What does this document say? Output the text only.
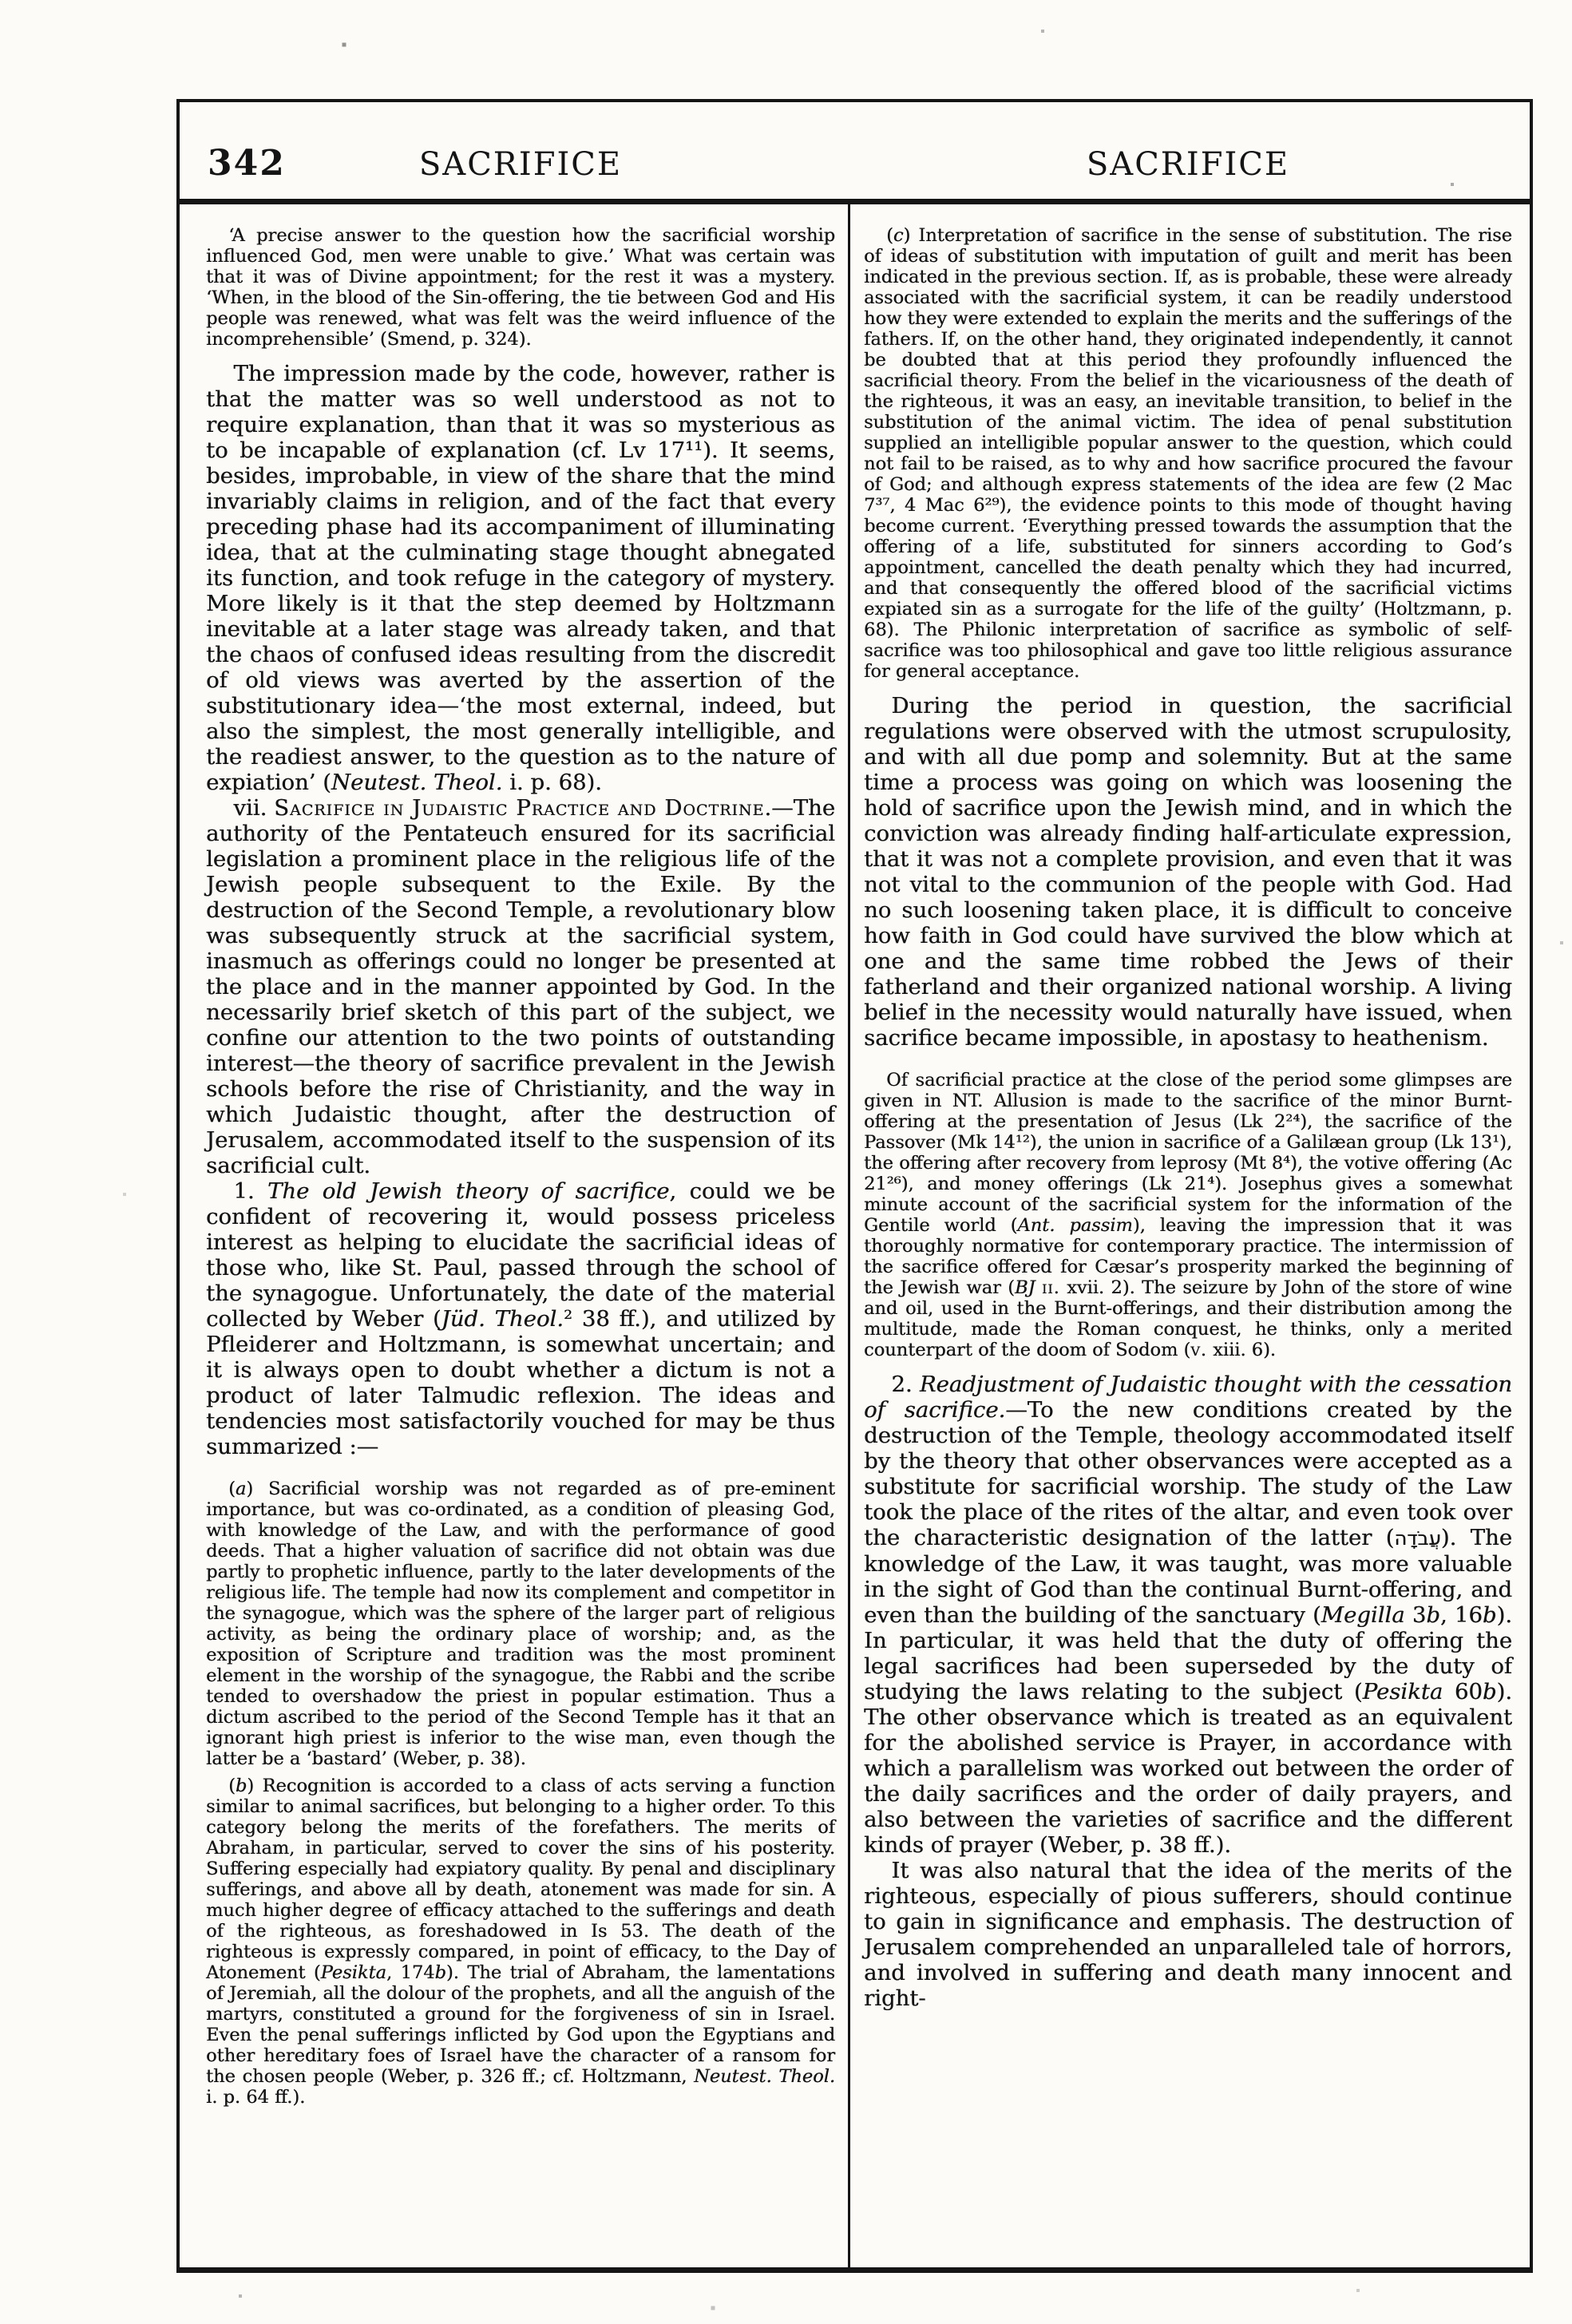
342	SACRIFICE	SACRIFICE

‘A precise answer to the question how the sacrificial worship influenced God, men were unable to give.’ What was certain was that it was of Divine appointment; for the rest it was a mystery. ‘When, in the blood of the Sin-offering, the tie between God and His people was renewed, what was felt was the weird influence of the incomprehensible’ (Smend, p. 324).

The impression made by the code, however, rather is that the matter was so well understood as not to require explanation, than that it was so mysterious as to be incapable of explanation (cf. Lv 17¹¹). It seems, besides, improbable, in view of the share that the mind invariably claims in religion, and of the fact that every preceding phase had its accompaniment of illuminating idea, that at the culminating stage thought abnegated its function, and took refuge in the category of mystery. More likely is it that the step deemed by Holtzmann inevitable at a later stage was already taken, and that the chaos of confused ideas resulting from the discredit of old views was averted by the assertion of the substitutionary idea—‘the most external, indeed, but also the simplest, the most generally intelligible, and the readiest answer, to the question as to the nature of expiation’ (Neutest. Theol. i. p. 68).

vii. Sacrifice in Judaistic Practice and Doctrine.—The authority of the Pentateuch ensured for its sacrificial legislation a prominent place in the religious life of the Jewish people subsequent to the Exile. By the destruction of the Second Temple, a revolutionary blow was subsequently struck at the sacrificial system, inasmuch as offerings could no longer be presented at the place and in the manner appointed by God. In the necessarily brief sketch of this part of the subject, we confine our attention to the two points of outstanding interest—the theory of sacrifice prevalent in the Jewish schools before the rise of Christianity, and the way in which Judaistic thought, after the destruction of Jerusalem, accommodated itself to the suspension of its sacrificial cult.

1. The old Jewish theory of sacrifice, could we be confident of recovering it, would possess priceless interest as helping to elucidate the sacrificial ideas of those who, like St. Paul, passed through the school of the synagogue. Unfortunately, the date of the material collected by Weber (Jüd. Theol.² 38 ff.), and utilized by Pfleiderer and Holtzmann, is somewhat uncertain; and it is always open to doubt whether a dictum is not a product of later Talmudic reflexion. The ideas and tendencies most satisfactorily vouched for may be thus summarized :—

(a) Sacrificial worship was not regarded as of pre-eminent importance, but was co-ordinated, as a condition of pleasing God, with knowledge of the Law, and with the performance of good deeds. That a higher valuation of sacrifice did not obtain was due partly to prophetic influence, partly to the later developments of the religious life. The temple had now its complement and competitor in the synagogue, which was the sphere of the larger part of religious activity, as being the ordinary place of worship; and, as the exposition of Scripture and tradition was the most prominent element in the worship of the synagogue, the Rabbi and the scribe tended to overshadow the priest in popular estimation. Thus a dictum ascribed to the period of the Second Temple has it that an ignorant high priest is inferior to the wise man, even though the latter be a ‘bastard’ (Weber, p. 38).

(b) Recognition is accorded to a class of acts serving a function similar to animal sacrifices, but belonging to a higher order. To this category belong the merits of the forefathers. The merits of Abraham, in particular, served to cover the sins of his posterity. Suffering especially had expiatory quality. By penal and disciplinary sufferings, and above all by death, atonement was made for sin. A much higher degree of efficacy attached to the sufferings and death of the righteous, as foreshadowed in Is 53. The death of the righteous is expressly compared, in point of efficacy, to the Day of Atonement (Pesikta, 174b). The trial of Abraham, the lamentations of Jeremiah, all the dolour of the prophets, and all the anguish of the martyrs, constituted a ground for the forgiveness of sin in Israel. Even the penal sufferings inflicted by God upon the Egyptians and other hereditary foes of Israel have the character of a ransom for the chosen people (Weber, p. 326 ff.; cf. Holtzmann, Neutest. Theol. i. p. 64 ff.).

(c) Interpretation of sacrifice in the sense of substitution. The rise of ideas of substitution with imputation of guilt and merit has been indicated in the previous section. If, as is probable, these were already associated with the sacrificial system, it can be readily understood how they were extended to explain the merits and the sufferings of the fathers. If, on the other hand, they originated independently, it cannot be doubted that at this period they profoundly influenced the sacrificial theory. From the belief in the vicariousness of the death of the righteous, it was an easy, an inevitable transition, to belief in the substitution of the animal victim. The idea of penal substitution supplied an intelligible popular answer to the question, which could not fail to be raised, as to why and how sacrifice procured the favour of God; and although express statements of the idea are few (2 Mac 7³⁷, 4 Mac 6²⁹), the evidence points to this mode of thought having become current. ‘Everything pressed towards the assumption that the offering of a life, substituted for sinners according to God’s appointment, cancelled the death penalty which they had incurred, and that consequently the offered blood of the sacrificial victims expiated sin as a surrogate for the life of the guilty’ (Holtzmann, p. 68). The Philonic interpretation of sacrifice as symbolic of self-sacrifice was too philosophical and gave too little religious assurance for general acceptance.

During the period in question, the sacrificial regulations were observed with the utmost scrupulosity, and with all due pomp and solemnity. But at the same time a process was going on which was loosening the hold of sacrifice upon the Jewish mind, and in which the conviction was already finding half-articulate expression, that it was not a complete provision, and even that it was not vital to the communion of the people with God. Had no such loosening taken place, it is difficult to conceive how faith in God could have survived the blow which at one and the same time robbed the Jews of their fatherland and their organized national worship. A living belief in the necessity would naturally have issued, when sacrifice became impossible, in apostasy to heathenism.

Of sacrificial practice at the close of the period some glimpses are given in NT. Allusion is made to the sacrifice of the minor Burnt-offering at the presentation of Jesus (Lk 2²⁴), the sacrifice of the Passover (Mk 14¹²), the union in sacrifice of a Galilæan group (Lk 13¹), the offering after recovery from leprosy (Mt 8⁴), the votive offering (Ac 21²⁶), and money offerings (Lk 21⁴). Josephus gives a somewhat minute account of the sacrificial system for the information of the Gentile world (Ant. passim), leaving the impression that it was thoroughly normative for contemporary practice. The intermission of the sacrifice offered for Cæsar’s prosperity marked the beginning of the Jewish war (BJ ii. xvii. 2). The seizure by John of the store of wine and oil, used in the Burnt-offerings, and their distribution among the multitude, made the Roman conquest, he thinks, only a merited counterpart of the doom of Sodom (v. xiii. 6).

2. Readjustment of Judaistic thought with the cessation of sacrifice.—To the new conditions created by the destruction of the Temple, theology accommodated itself by the theory that other observances were accepted as a substitute for sacrificial worship. The study of the Law took the place of the rites of the altar, and even took over the characteristic designation of the latter (עֲבֹדָה). The knowledge of the Law, it was taught, was more valuable in the sight of God than the continual Burnt-offering, and even than the building of the sanctuary (Megilla 3b, 16b). In particular, it was held that the duty of offering the legal sacrifices had been superseded by the duty of studying the laws relating to the subject (Pesikta 60b). The other observance which is treated as an equivalent for the abolished service is Prayer, in accordance with which a parallelism was worked out between the order of the daily sacrifices and the order of daily prayers, and also between the varieties of sacrifice and the different kinds of prayer (Weber, p. 38 ff.).

It was also natural that the idea of the merits of the righteous, especially of pious sufferers, should continue to gain in significance and emphasis. The destruction of Jerusalem comprehended an unparalleled tale of horrors, and involved in suffering and death many innocent and right-
